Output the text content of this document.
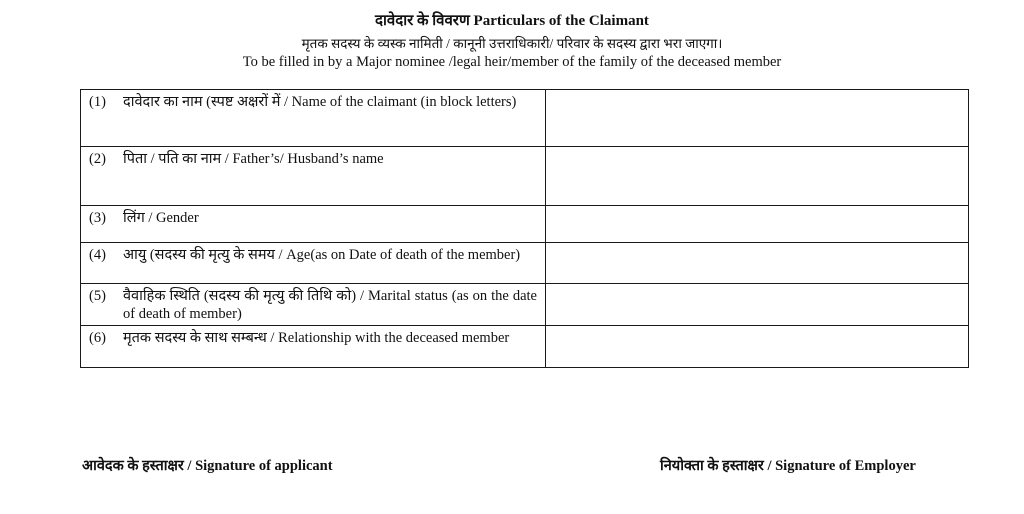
दावेदार के विवरण Particulars of the Claimant
मृतक सदस्य के व्यस्क नामिती / कानूनी उत्तराधिकारी/ परिवार के सदस्य द्वारा भरा जाएगा।
To be filled in by a Major nominee /legal heir/member of the family of the deceased member
(1) दावेदार का नाम (स्पष्ट अक्षरों में / Name of the claimant (in block letters)	

(2) पिता / पति का नाम / Father’s/ Husband’s name	

(3) लिंग / Gender	

(4) आयु (सदस्य की मृत्यु के समय / Age(as on Date of death of the member)	

(5) वैवाहिक स्थिति (सदस्य की मृत्यु की तिथि को) / Marital status (as on the date of death of member)	

(6) मृतक सदस्य के साथ सम्बन्ध / Relationship with the deceased member	

आवेदक के हस्ताक्षर / Signature of applicant	नियोक्ता के हस्ताक्षर / Signature of Employer
